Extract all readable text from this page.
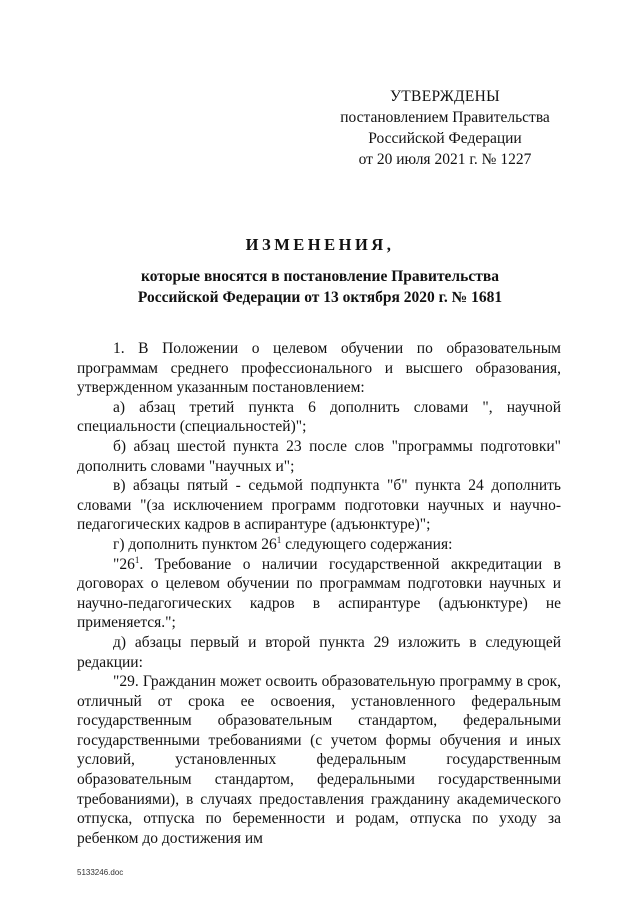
УТВЕРЖДЕНЫ
постановлением Правительства
Российской Федерации
от 20 июля 2021 г. № 1227
ИЗМЕНЕНИЯ,
которые вносятся в постановление Правительства
Российской Федерации от 13 октября 2020 г. № 1681

1. В Положении о целевом обучении по образовательным программам среднего профессионального и высшего образования, утвержденном указанным постановлением:

а) абзац третий пункта 6 дополнить словами ", научной специальности (специальностей)";

б) абзац шестой пункта 23 после слов "программы подготовки" дополнить словами "научных и";

в) абзацы пятый - седьмой подпункта "б" пункта 24 дополнить словами "(за исключением программ подготовки научных и научно-педагогических кадров в аспирантуре (адъюнктуре)";

г) дополнить пунктом $26^1$ следующего содержания:

"$26^1$. Требование о наличии государственной аккредитации в договорах о целевом обучении по программам подготовки научных и научно-педагогических кадров в аспирантуре (адъюнктуре) не применяется.";

д) абзацы первый и второй пункта 29 изложить в следующей редакции:

"29. Гражданин может освоить образовательную программу в срок, отличный от срока ее освоения, установленного федеральным государственным образовательным стандартом, федеральными государственными требованиями (с учетом формы обучения и иных условий, установленных федеральным государственным образовательным стандартом, федеральными государственными требованиями), в случаях предоставления гражданину академического отпуска, отпуска по беременности и родам, отпуска по уходу за ребенком до достижения им

5133246.doc
